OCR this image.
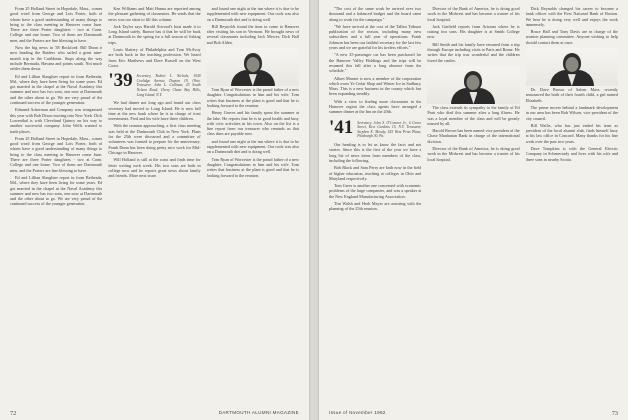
From 25 Holland Street in Hopedale, Mass., comes good word from George and Lois Porter, both of whom have a good understanding of many things to bring to the class meeting in Hanover come June. There are three Porter daughters - two at Conn. College and one home. Two of them are Dartmouth men, and the Porters are fine blessing to have.

Now the big news in '38 Rockford: Bill Dunn is now heading the Raiders who sailed a great nine-month trip in the Caribbean. Stops along the way include Bermuda, Havana and points south. Not much settles them down.

Ed and Lillian Slaughter report in from Bethesda, Md., where they have been living for some years. Ed got married in the chapel at the Naval Academy this summer and now has two sons, one now at Dartmouth and the other about to go. We are very proud of the continued success of the younger generation.

Edmund Ackerman and Company was reorganized this year with Bob Dixon moving into New York. Dick Lowenthal is with Cleveland Quincy on his way to another successful company. John Wells wanted to trade places.

From 25 Holland Street in Hopedale, Mass., comes good word from George and Lois Porter, both of whom have a good understanding of many things to bring to the class meeting in Hanover come June. There are three Porter daughters - two at Conn. College and one home. Two of them are Dartmouth men, and the Porters are fine blessing to have.

Ed and Lillian Slaughter report in from Bethesda, Md., where they have been living for some years. Ed got married in the chapel at the Naval Academy this summer and now has two sons, one now at Dartmouth and the other about to go. We are very proud of the continued success of the younger generation.

Ken Williams and Matt Hanna are reported among the pleasant gathering of classmates. He sends that the news was too short to fill this column.

Jack Taylor says Harold Atwood's boat made it to Long Island safely. Rumor has it that he will be back at Dartmouth in the spring for a full season of fishing trips.

Louis Slattery of Philadelphia and Tom McAvoy are both back in the teaching profession. We heard from Eric Matthews and Dave Russell on the West Coast.

'39 Secretary, Robert L. Nichols, 1040 Coolidge Avenue, Dayton 19, Ohio. Treasurer, John L. Cullinan, 25 South Nelson Road, Chevy Chase Bay Hills, Long Island, N.Y.

We had dinner not long ago and found our class secretary had moved to Long Island. He is now full time at the new bank where he is in charge of trust investments. Fred and his wife have three children.

With the reunion approaching, a first class meeting was held at the Dartmouth Club in New York. Plans for the 25th were discussed and a committee of volunteers was formed to prepare for the anniversary. Frank Dunn has been doing pretty nice work for Mid-Chicago in Hanover.

Will Holland is still at the coast and finds time for letter writing each week. His two sons are both in college now and he reports great news about family and friends. More next issue.

and found one night at the inn where it is due to be supplemented with new equipment. Our cook was also on a Dartmouth diet and is doing well.

Bill Reynolds found the time to come to Hanover after visiting his son in Vermont. He brought news of several classmates including Jack Mercer, Dick Hall and Bob Alden.

Tom Ryan of Worcester is the proud father of a new daughter. Congratulations to him and his wife. Tom writes that business at the plant is good and that he is looking forward to the reunion.

Henry Graves and his family spent the summer at the lake. He reports that he is in good health and busy with civic activities in his town. Also on the list is a fine report from our treasurer who reminds us that class dues are payable now.

and found one night at the inn where it is due to be supplemented with new equipment. Our cook was also on a Dartmouth diet and is doing well.

Tom Ryan of Worcester is the proud father of a new daughter. Congratulations to him and his wife. Tom writes that business at the plant is good and that he is looking forward to the reunion.

72	DARTMOUTH ALUMNI MAGAZINE

"The cost of the same work he arrived over two thousand and a balanced budget and the board came along to work for the campaign."

"We have arrived at the cost of the Talbot Tribune publication of the season, including many new subscribers and a full year of operations. Frank Johnson has been our faithful secretary for the last few years and we are grateful for his tireless efforts."

"A new 25-passenger car has been purchased for the Hanover Valley Holdings and the trips will be resumed this fall after a long absence from the schedule."

Albert Manser is now a member of the corporation which owns Ye Cedar Shop and Winter Ice in Sudbury, Mass. This is a new business in the county which has been expanding steadily.

With a view to finding more classmates in the Hanover region the class agents have arranged a summer dinner at the Inn on the 20th.

'41 Secretary, John S. O'Connor Jr., 6 Grove Street, Kew Gardens 15, N.Y. Treasurer, Stephen E. Moody, 525 West Penn Plaza, Pittsburgh 30, Pa.

Our heading is to let us know the facts and not stories. Since this is the first of the year we have a long list of news items from members of the class, including the following.

Bob Black and Sam Perry are both now in the field of higher education, teaching at colleges in Ohio and Maryland respectively.

Tom Greer is another one concerned with economic problems of the large companies, and was a speaker at the New England Manufacturing Association.

Tim Walsh and Herb Mayer are assisting with the planning of the 25th reunion.

Director of the Bank of America, he is doing good work in the Midwest and has become a trustee of his local hospital.

Jack Garfield reports from Arizona where he is raising two sons. His daughter is at Smith College now.

Bill Smith and his family have returned from a trip through Europe including visits to Paris and Rome. He writes that the trip was wonderful and the children loved the castles.

The class extends its sympathy to the family of Ed Pratt who died this summer after a long illness. He was a loyal member of the class and will be greatly missed by all.

Harold Brown has been named vice president of the Chase Manhattan Bank in charge of the international division.

Director of the Bank of America, he is doing good work in the Midwest and has become a trustee of his local hospital.

Dick Reynolds changed his career to become a bank officer with the First National Bank of Boston. We hear he is doing very well and enjoys the work immensely.

Bruce Hall and Tony Davis are in charge of the reunion planning committee. Anyone wishing to help should contact them at once.

Dr. Dave Brown of Salem Mass. recently announced the birth of their fourth child, a girl named Elizabeth.

The prime mover behind a landmark development in our area has been Bob Wilson, vice president of the city council.

Bill Wallis, who has just ended his term as president of the local alumni club, finds himself busy at his law office in Concord. Many thanks for his fine work over the past two years.

Dave Tompkins is with the General Electric Company in Schenectady and lives with his wife and three sons in nearby Scotia.

Issue of November 1962	73
